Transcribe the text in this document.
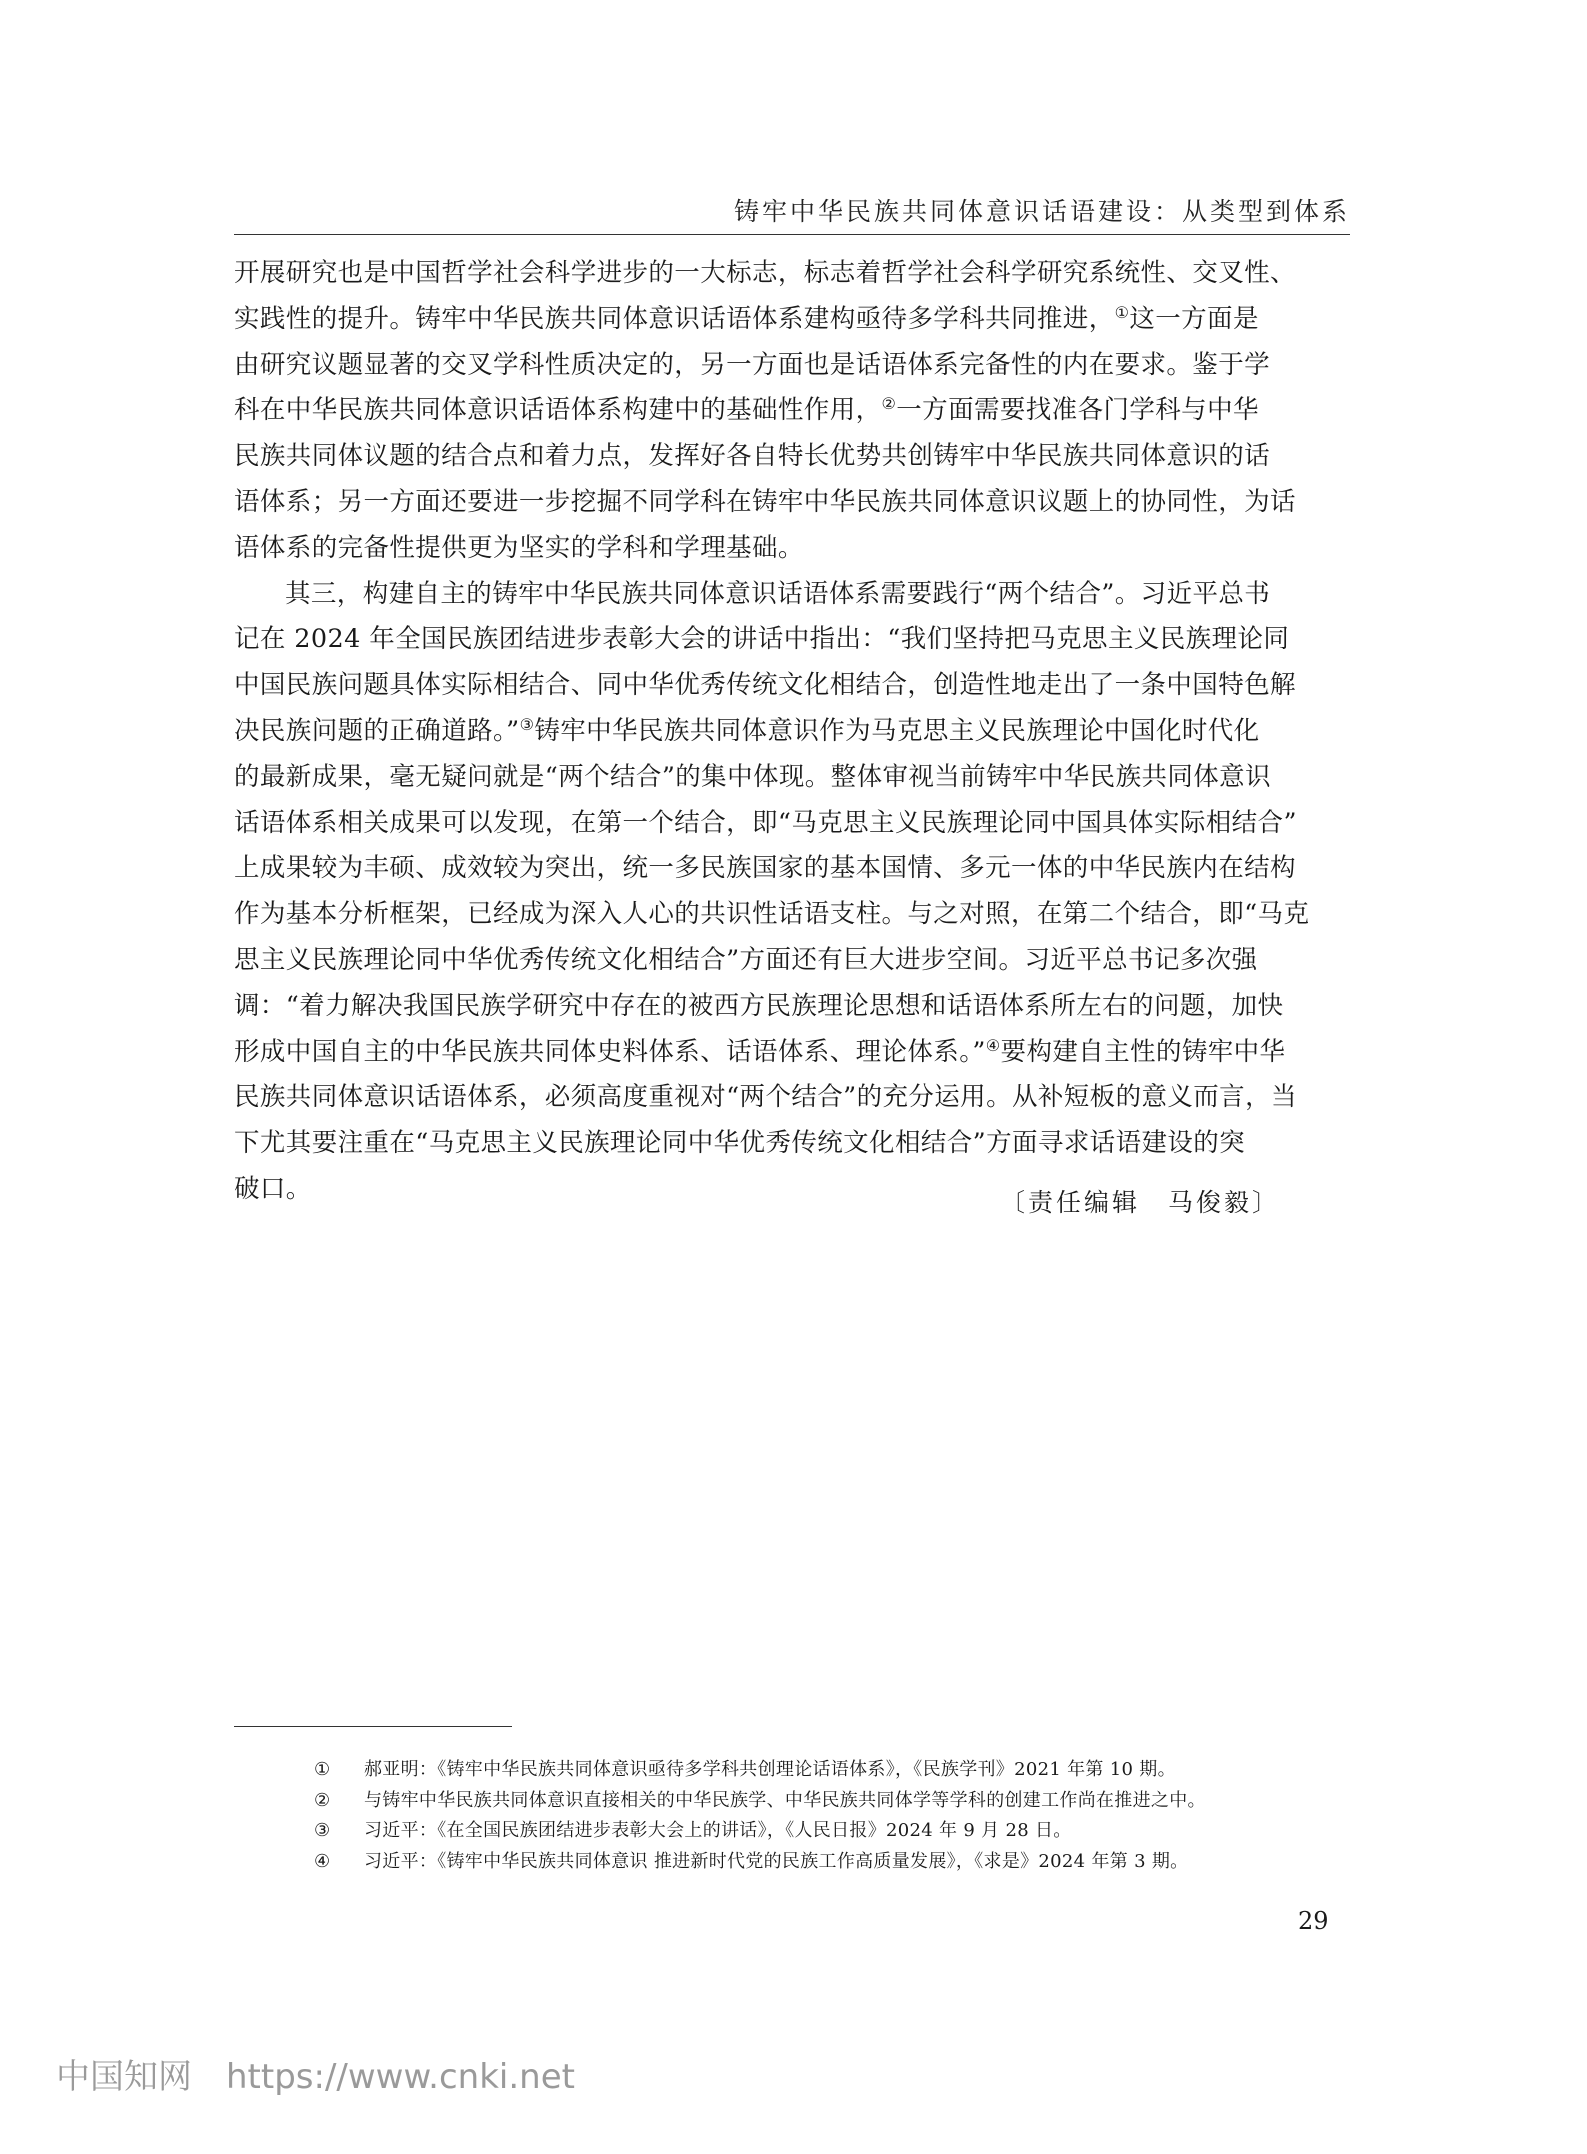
铸牢中华民族共同体意识话语建设：从类型到体系

开展研究也是中国哲学社会科学进步的一大标志，标志着哲学社会科学研究系统性、交叉性、
实践性的提升。铸牢中华民族共同体意识话语体系建构亟待多学科共同推进，①这一方面是
由研究议题显著的交叉学科性质决定的，另一方面也是话语体系完备性的内在要求。鉴于学
科在中华民族共同体意识话语体系构建中的基础性作用，②一方面需要找准各门学科与中华
民族共同体议题的结合点和着力点，发挥好各自特长优势共创铸牢中华民族共同体意识的话
语体系；另一方面还要进一步挖掘不同学科在铸牢中华民族共同体意识议题上的协同性，为话
语体系的完备性提供更为坚实的学科和学理基础。

其三，构建自主的铸牢中华民族共同体意识话语体系需要践行“两个结合”。习近平总书
记在 2024 年全国民族团结进步表彰大会的讲话中指出：“我们坚持把马克思主义民族理论同
中国民族问题具体实际相结合、同中华优秀传统文化相结合，创造性地走出了一条中国特色解
决民族问题的正确道路。”③铸牢中华民族共同体意识作为马克思主义民族理论中国化时代化
的最新成果，毫无疑问就是“两个结合”的集中体现。整体审视当前铸牢中华民族共同体意识
话语体系相关成果可以发现，在第一个结合，即“马克思主义民族理论同中国具体实际相结合”
上成果较为丰硕、成效较为突出，统一多民族国家的基本国情、多元一体的中华民族内在结构
作为基本分析框架，已经成为深入人心的共识性话语支柱。与之对照，在第二个结合，即“马克
思主义民族理论同中华优秀传统文化相结合”方面还有巨大进步空间。习近平总书记多次强
调：“着力解决我国民族学研究中存在的被西方民族理论思想和话语体系所左右的问题，加快
形成中国自主的中华民族共同体史料体系、话语体系、理论体系。”④要构建自主性的铸牢中华
民族共同体意识话语体系，必须高度重视对“两个结合”的充分运用。从补短板的意义而言，当
下尤其要注重在“马克思主义民族理论同中华优秀传统文化相结合”方面寻求话语建设的突
破口。	〔责任编辑　马俊毅〕
① 郝亚明：《铸牢中华民族共同体意识亟待多学科共创理论话语体系》，《民族学刊》2021 年第 10 期。
② 与铸牢中华民族共同体意识直接相关的中华民族学、中华民族共同体学等学科的创建工作尚在推进之中。
③ 习近平：《在全国民族团结进步表彰大会上的讲话》，《人民日报》2024 年 9 月 28 日。
④ 习近平：《铸牢中华民族共同体意识 推进新时代党的民族工作高质量发展》，《求是》2024 年第 3 期。
29
中国知网 https://www.cnki.net
